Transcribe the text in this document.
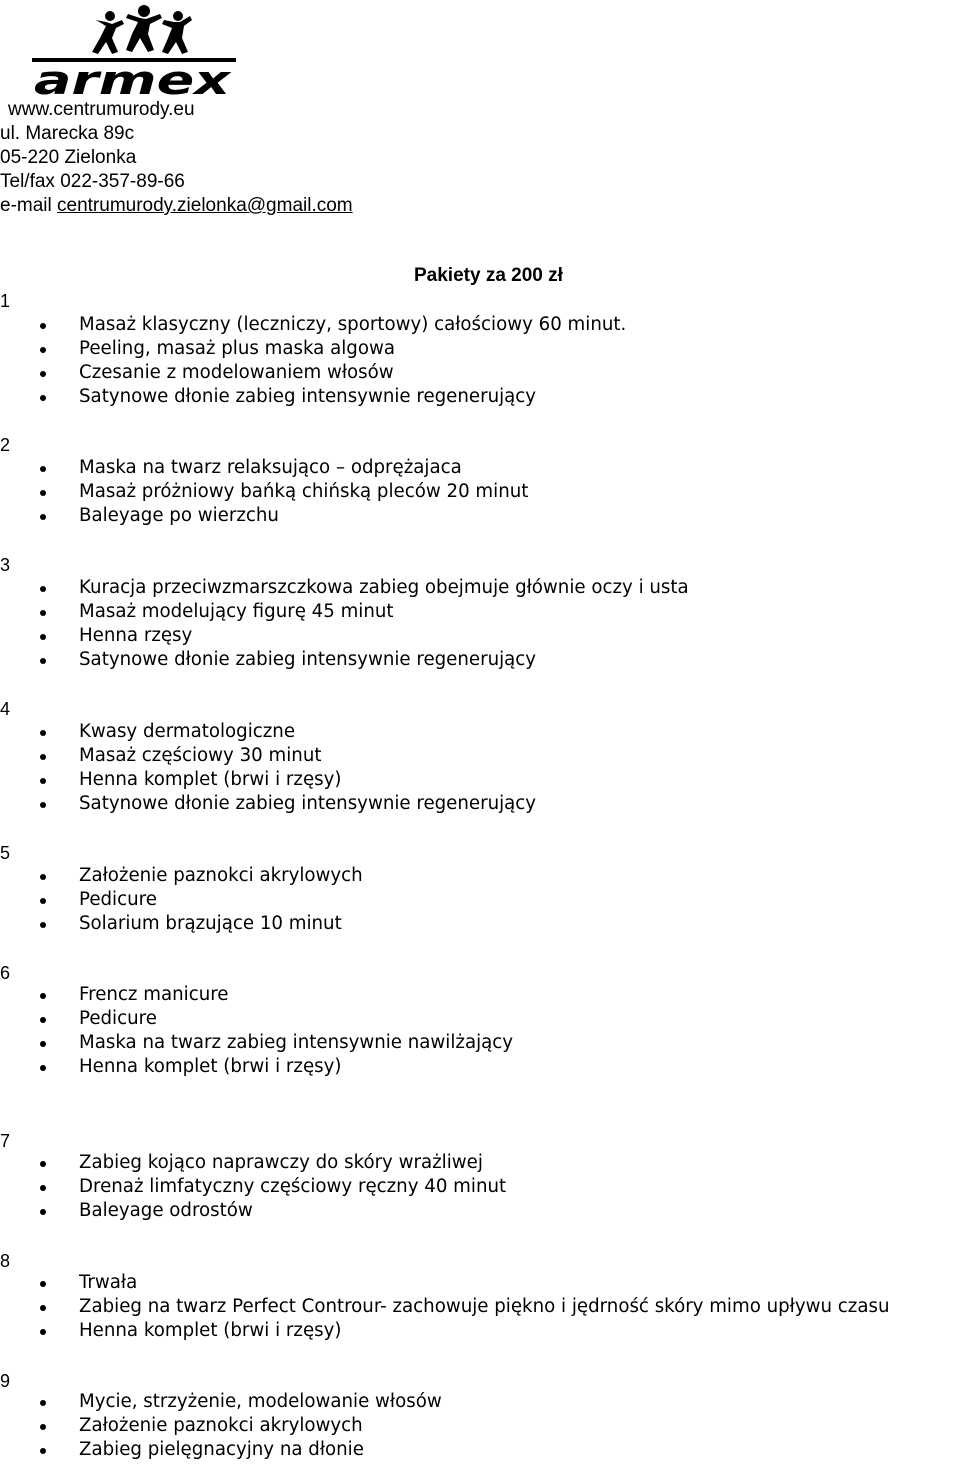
armex
www.centrumurody.eu
ul. Marecka 89c
05-220 Zielonka
Tel/fax 022-357-89-66
e-mail centrumurody.zielonka@gmail.com
Pakiety za 200 zł
1
Masaż klasyczny (leczniczy, sportowy) całościowy 60 minut.
Peeling, masaż plus maska algowa
Czesanie z modelowaniem włosów
Satynowe dłonie zabieg intensywnie regenerujący
2
Maska na twarz relaksująco – odprężajaca
Masaż próżniowy bańką chińską pleców 20 minut
Baleyage po wierzchu
3
Kuracja przeciwzmarszczkowa zabieg obejmuje głównie oczy i usta
Masaż modelujący figurę 45 minut
Henna rzęsy
Satynowe dłonie zabieg intensywnie regenerujący
4
Kwasy dermatologiczne
Masaż częściowy 30 minut
Henna komplet (brwi i rzęsy)
Satynowe dłonie zabieg intensywnie regenerujący
5
Założenie paznokci akrylowych
Pedicure
Solarium brązujące 10 minut
6
Frencz manicure
Pedicure
Maska na twarz zabieg intensywnie nawilżający
Henna komplet (brwi i rzęsy)
7
Zabieg kojąco naprawczy do skóry wrażliwej
Drenaż limfatyczny częściowy ręczny 40 minut
Baleyage odrostów
8
Trwała
Zabieg na twarz Perfect Controur- zachowuje piękno i jędrność skóry mimo upływu czasu
Henna komplet (brwi i rzęsy)
9
Mycie, strzyżenie, modelowanie włosów
Założenie paznokci akrylowych
Zabieg pielęgnacyjny na dłonie
